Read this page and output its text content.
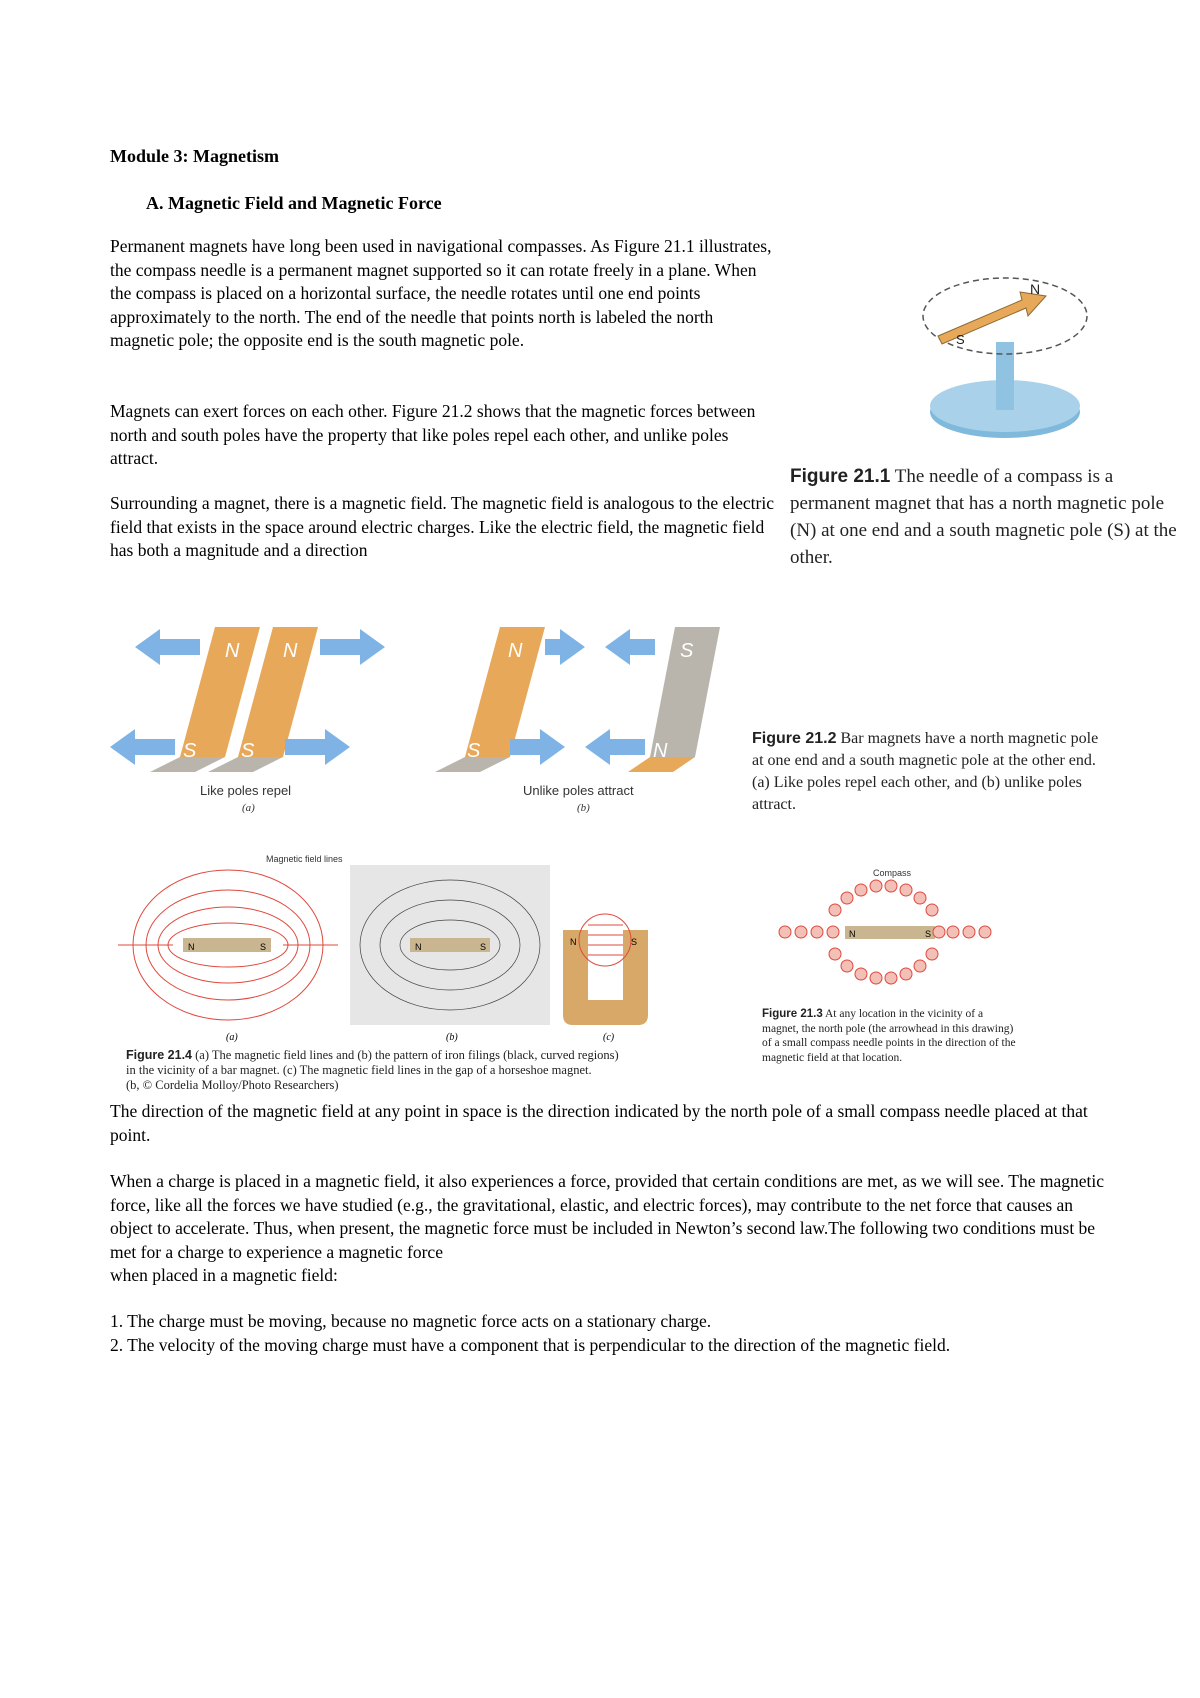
Module 3: Magnetism
A. Magnetic Field and Magnetic Force

Permanent magnets have long been used in navigational compasses. As Figure 21.1 illustrates, the compass needle is a permanent magnet supported so it can rotate freely in a plane. When the compass is placed on a horizontal surface, the needle rotates until one end points approximately to the north. The end of the needle that points north is labeled the north magnetic pole; the opposite end is the south magnetic pole.

Magnets can exert forces on each other. Figure 21.2 shows that the magnetic forces between north and south poles have the property that like poles repel each other, and unlike poles attract.

Surrounding a magnet, there is a magnetic field. The magnetic field is analogous to the electric field that exists in the space around electric charges. Like the electric field, the magnetic field has both a magnitude and a direction

N
S
Figure 21.1 The needle of a compass is a permanent magnet that has a north magnetic pole (N) at one end and a south magnetic pole (S) at the other.
N N
S S
Like poles repel
(a)
N	S
S	N
Unlike poles attract
(b)
Figure 21.2 Bar magnets have a north magnetic pole at one end and a south magnetic pole at the other end. (a) Like poles repel each other, and (b) unlike poles attract.
N	S
Magnetic field lines
(a)
N	S
(b)
N	S
(c)
Figure 21.4 (a) The magnetic field lines and (b) the pattern of iron filings (black, curved regions)
in the vicinity of a bar magnet. (c) The magnetic field lines in the gap of a horseshoe magnet.
(b, © Cordelia Molloy/Photo Researchers)
N	S
Compass
Figure 21.3 At any location in the vicinity of a magnet, the north pole (the arrowhead in this drawing) of a small compass needle points in the direction of the magnetic field at that location.

The direction of the magnetic field at any point in space is the direction indicated by the north pole of a small compass needle placed at that point.

When a charge is placed in a magnetic field, it also experiences a force, provided that certain conditions are met, as we will see. The magnetic force, like all the forces we have studied (e.g., the gravitational, elastic, and electric forces), may contribute to the net force that causes an object to accelerate. Thus, when present, the magnetic force must be included in Newton’s second law.The following two conditions must be met for a charge to experience a magnetic force

when placed in a magnetic field:

1. The charge must be moving, because no magnetic force acts on a stationary charge.
2. The velocity of the moving charge must have a component that is perpendicular to the direction of the magnetic field.
